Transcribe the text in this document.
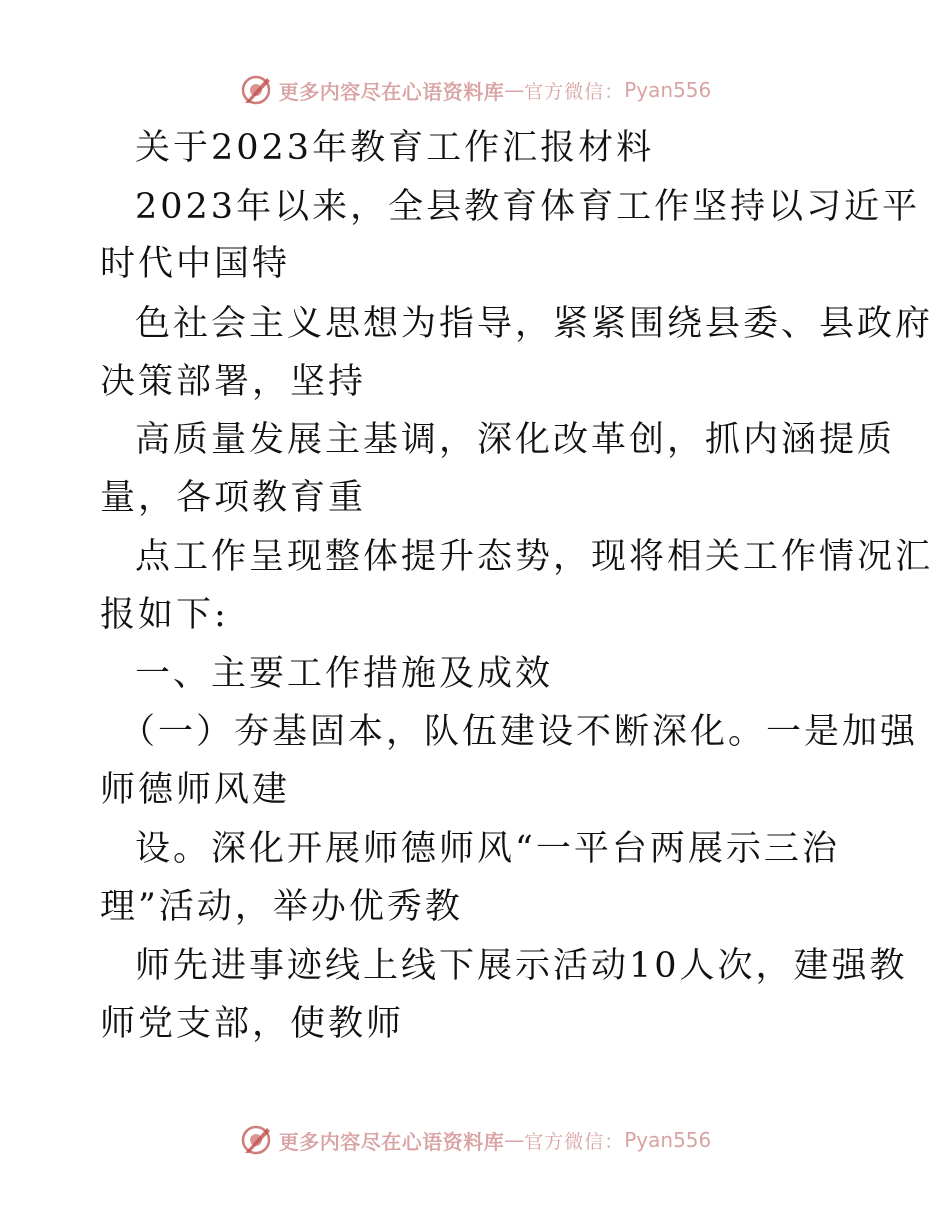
更多内容尽在心语资料库 — 官方微信： Pyan556
关于2023年教育工作汇报材料
2023年以来，全县教育体育工作坚持以习近平
时代中国特
色社会主义思想为指导，紧紧围绕县委、县政府
决策部署，坚持
高质量发展主基调，深化改革创，抓内涵提质
量，各项教育重
点工作呈现整体提升态势，现将相关工作情况汇
报如下:
一、主要工作措施及成效
（一）夯基固本，队伍建设不断深化。一是加强
师德师风建
设。深化开展师德师风“一平台两展示三治
理”活动，举办优秀教
师先进事迹线上线下展示活动10人次，建强教
师党支部，使教师
更多内容尽在心语资料库 — 官方微信： Pyan556
